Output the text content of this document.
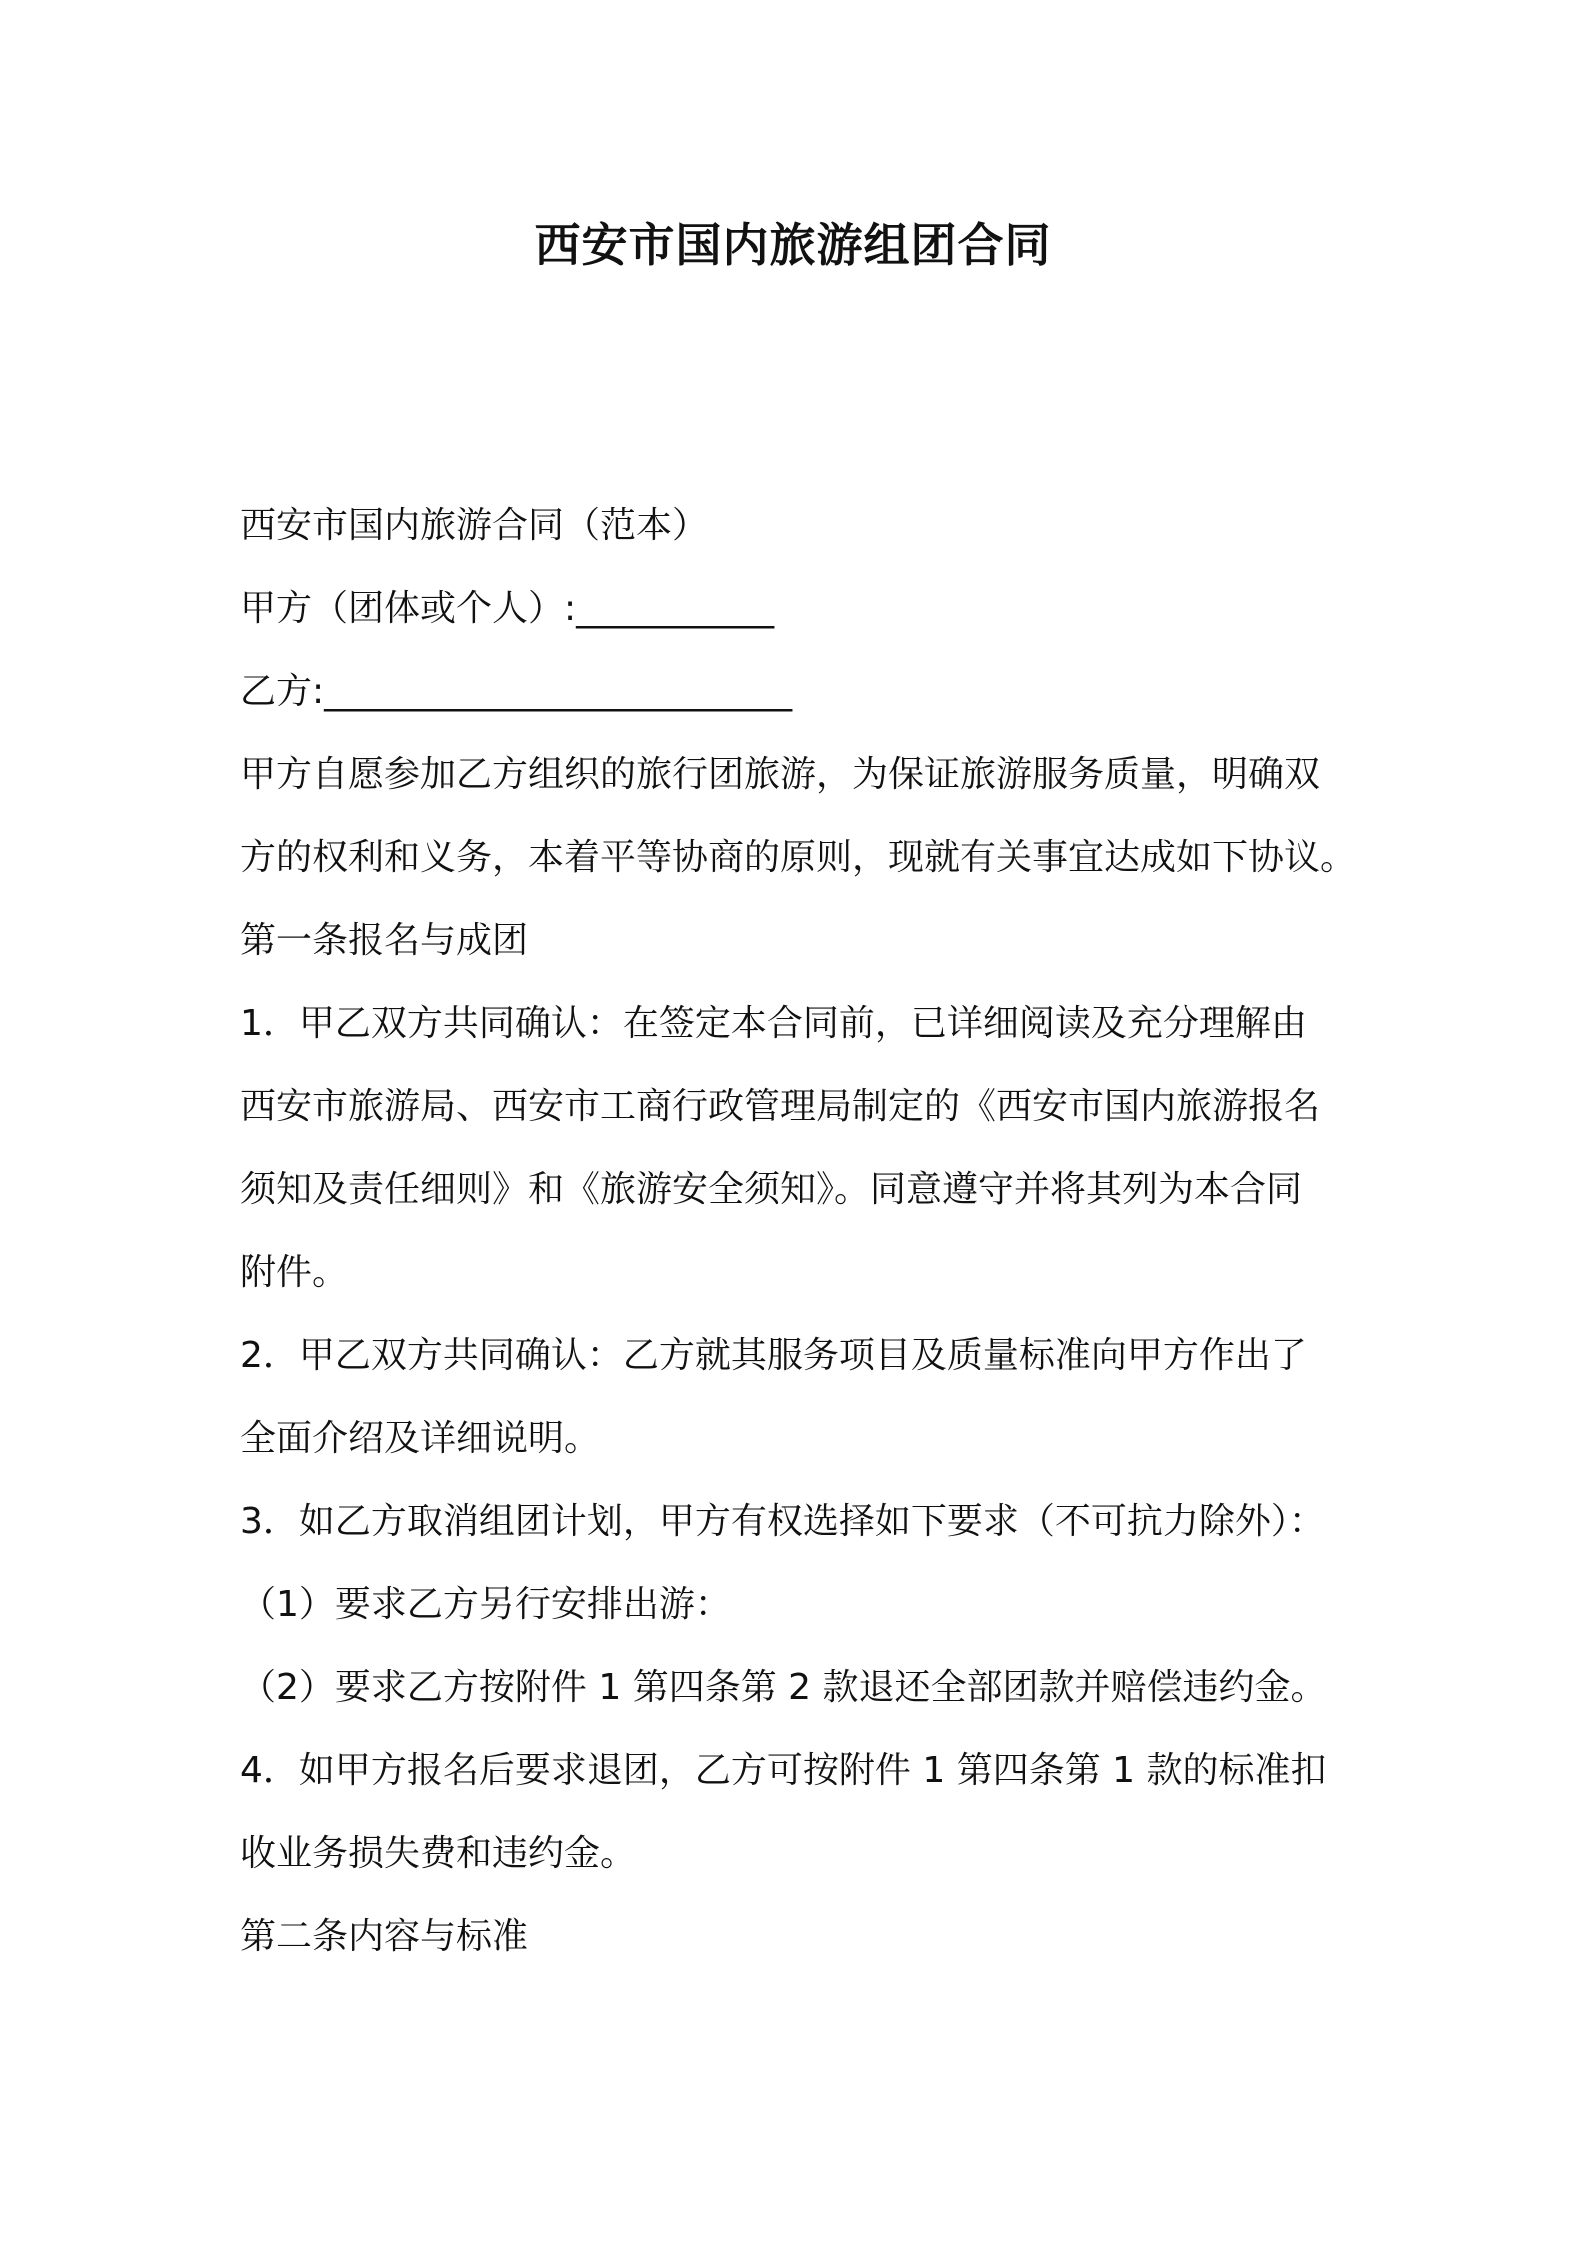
西安市国内旅游组团合同
西安市国内旅游合同（范本）
甲方（团体或个人）:___________
乙方:__________________________
甲方自愿参加乙方组织的旅行团旅游，为保证旅游服务质量，明确双
方的权利和义务，本着平等协商的原则，现就有关事宜达成如下协议。
第一条报名与成团
1．甲乙双方共同确认：在签定本合同前，已详细阅读及充分理解由
西安市旅游局、西安市工商行政管理局制定的《西安市国内旅游报名
须知及责任细则》和《旅游安全须知》。同意遵守并将其列为本合同
附件。
2．甲乙双方共同确认：乙方就其服务项目及质量标准向甲方作出了
全面介绍及详细说明。
3．如乙方取消组团计划，甲方有权选择如下要求（不可抗力除外）：
（1）要求乙方另行安排出游：
（2）要求乙方按附件 1 第四条第 2 款退还全部团款并赔偿违约金。
4．如甲方报名后要求退团，乙方可按附件 1 第四条第 1 款的标准扣
收业务损失费和违约金。
第二条内容与标准
